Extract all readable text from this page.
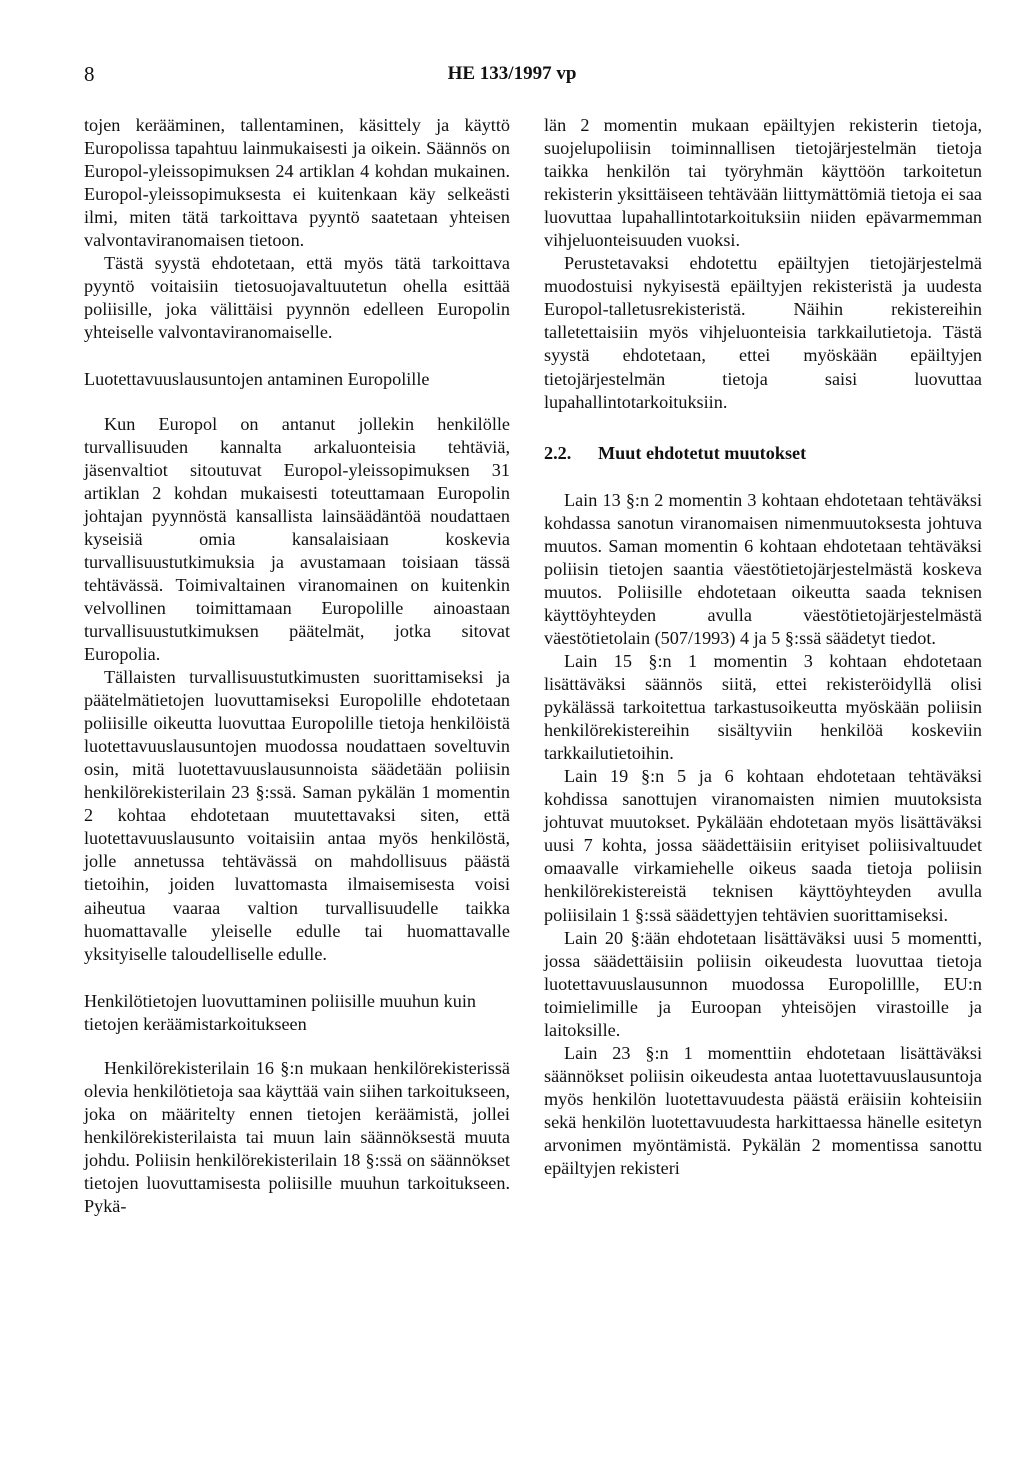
8	HE 133/1997 vp

tojen kerääminen, tallentaminen, käsittely ja käyttö Europolissa tapahtuu lainmukaisesti ja oikein. Säännös on Europol-yleissopimuksen 24 artiklan 4 kohdan mukainen. Europol-yleissopimuksesta ei kuitenkaan käy selkeästi ilmi, miten tätä tarkoittava pyyntö saatetaan yhteisen valvontaviranomaisen tietoon.

Tästä syystä ehdotetaan, että myös tätä tarkoittava pyyntö voitaisiin tietosuojavaltuutetun ohella esittää poliisille, joka välittäisi pyynnön edelleen Europolin yhteiselle valvontaviranomaiselle.

Luotettavuuslausuntojen antaminen Europolille

Kun Europol on antanut jollekin henkilölle turvallisuuden kannalta arkaluonteisia tehtäviä, jäsenvaltiot sitoutuvat Europol-yleissopimuksen 31 artiklan 2 kohdan mukaisesti toteuttamaan Europolin johtajan pyynnöstä kansallista lainsäädäntöä noudattaen kyseisiä omia kansalaisiaan koskevia turvallisuustutkimuksia ja avustamaan toisiaan tässä tehtävässä. Toimivaltainen viranomainen on kuitenkin velvollinen toimittamaan Europolille ainoastaan turvallisuustutkimuksen päätelmät, jotka sitovat Europolia.

Tällaisten turvallisuustutkimusten suorittamiseksi ja päätelmätietojen luovuttamiseksi Europolille ehdotetaan poliisille oikeutta luovuttaa Europolille tietoja henkilöistä luotettavuuslausuntojen muodossa noudattaen soveltuvin osin, mitä luotettavuuslausunnoista säädetään poliisin henkilörekisterilain 23 §:ssä. Saman pykälän 1 momentin 2 kohtaa ehdotetaan muutettavaksi siten, että luotettavuuslausunto voitaisiin antaa myös henkilöstä, jolle annetussa tehtävässä on mahdollisuus päästä tietoihin, joiden luvattomasta ilmaisemisesta voisi aiheutua vaaraa valtion turvallisuudelle taikka huomattavalle yleiselle edulle tai huomattavalle yksityiselle taloudelliselle edulle.

Henkilötietojen luovuttaminen poliisille muuhun kuin tietojen keräämistarkoitukseen

Henkilörekisterilain 16 §:n mukaan henkilörekisterissä olevia henkilötietoja saa käyttää vain siihen tarkoitukseen, joka on määritelty ennen tietojen keräämistä, jollei henkilörekisterilaista tai muun lain säännöksestä muuta johdu. Poliisin henkilörekisterilain 18 §:ssä on säännökset tietojen luovuttamisesta poliisille muuhun tarkoitukseen. Pykä-

län 2 momentin mukaan epäiltyjen rekisterin tietoja, suojelupoliisin toiminnallisen tietojärjestelmän tietoja taikka henkilön tai työryhmän käyttöön tarkoitetun rekisterin yksittäiseen tehtävään liittymättömiä tietoja ei saa luovuttaa lupahallintotarkoituksiin niiden epävarmemman vihjeluonteisuuden vuoksi.

Perustetavaksi ehdotettu epäiltyjen tietojärjestelmä muodostuisi nykyisestä epäiltyjen rekisteristä ja uudesta Europol-talletusrekisteristä. Näihin rekistereihin talletettaisiin myös vihjeluonteisia tarkkailutietoja. Tästä syystä ehdotetaan, ettei myöskään epäiltyjen tietojärjestelmän tietoja saisi luovuttaa lupahallintotarkoituksiin.

2.2.	Muut ehdotetut muutokset

Lain 13 §:n 2 momentin 3 kohtaan ehdotetaan tehtäväksi kohdassa sanotun viranomaisen nimenmuutoksesta johtuva muutos. Saman momentin 6 kohtaan ehdotetaan tehtäväksi poliisin tietojen saantia väestötietojärjestelmästä koskeva muutos. Poliisille ehdotetaan oikeutta saada teknisen käyttöyhteyden avulla väestötietojärjestelmästä väestötietolain (507/1993) 4 ja 5 §:ssä säädetyt tiedot.

Lain 15 §:n 1 momentin 3 kohtaan ehdotetaan lisättäväksi säännös siitä, ettei rekisteröidyllä olisi pykälässä tarkoitettua tarkastusoikeutta myöskään poliisin henkilörekistereihin sisältyviin henkilöä koskeviin tarkkailutietoihin.

Lain 19 §:n 5 ja 6 kohtaan ehdotetaan tehtäväksi kohdissa sanottujen viranomaisten nimien muutoksista johtuvat muutokset. Pykälään ehdotetaan myös lisättäväksi uusi 7 kohta, jossa säädettäisiin erityiset poliisivaltuudet omaavalle virkamiehelle oikeus saada tietoja poliisin henkilörekistereistä teknisen käyttöyhteyden avulla poliisilain 1 §:ssä säädettyjen tehtävien suorittamiseksi.

Lain 20 §:ään ehdotetaan lisättäväksi uusi 5 momentti, jossa säädettäisiin poliisin oikeudesta luovuttaa tietoja luotettavuuslausunnon muodossa Europolillle, EU:n toimielimille ja Euroopan yhteisöjen virastoille ja laitoksille.

Lain 23 §:n 1 momenttiin ehdotetaan lisättäväksi säännökset poliisin oikeudesta antaa luotettavuuslausuntoja myös henkilön luotettavuudesta päästä eräisiin kohteisiin sekä henkilön luotettavuudesta harkittaessa hänelle esitetyn arvonimen myöntämistä. Pykälän 2 momentissa sanottu epäiltyjen rekisteri
